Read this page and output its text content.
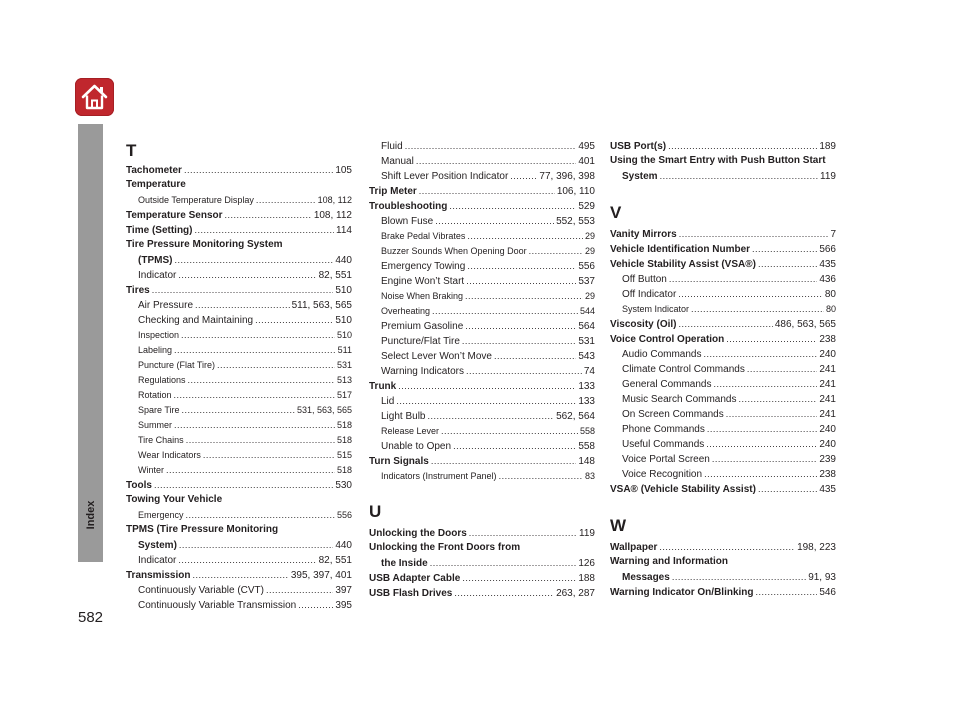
Index
582
T
Tachometer .....	105
Temperature
Outside Temperature Display .....	108, 112
Temperature Sensor .....	108, 112
Time (Setting) .....	114
Tire Pressure Monitoring System
(TPMS) .....	440
Indicator .....	82, 551
Tires .....	510
Air Pressure .....	511, 563, 565
Checking and Maintaining .....	510
Inspection .....	510
Labeling .....	511
Puncture (Flat Tire) .....	531
Regulations .....	513
Rotation .....	517
Spare Tire .....	531, 563, 565
Summer .....	518
Tire Chains .....	518
Wear Indicators .....	515
Winter .....	518
Tools .....	530
Towing Your Vehicle
Emergency .....	556
TPMS (Tire Pressure Monitoring
System) .....	440
Indicator .....	82, 551
Transmission .....	395, 397, 401
Continuously Variable (CVT) .....	397
Continuously Variable Transmission .....	395
Fluid .....	495
Manual .....	401
Shift Lever Position Indicator .....	77, 396, 398
Trip Meter .....	106, 110
Troubleshooting .....	529
Blown Fuse .....	552, 553
Brake Pedal Vibrates .....	29
Buzzer Sounds When Opening Door .....	29
Emergency Towing .....	556
Engine Won’t Start .....	537
Noise When Braking .....	29
Overheating .....	544
Premium Gasoline .....	564
Puncture/Flat Tire .....	531
Select Lever Won’t Move .....	543
Warning Indicators .....	74
Trunk .....	133
Lid .....	133
Light Bulb .....	562, 564
Release Lever .....	558
Unable to Open .....	558
Turn Signals .....	148
Indicators (Instrument Panel) .....	83
U
Unlocking the Doors .....	119
Unlocking the Front Doors from
the Inside .....	126
USB Adapter Cable .....	188
USB Flash Drives .....	263, 287
USB Port(s) .....	189
Using the Smart Entry with Push Button Start
System .....	119
V
Vanity Mirrors .....	7
Vehicle Identification Number .....	566
Vehicle Stability Assist (VSA®) .....	435
Off Button .....	436
Off Indicator .....	80
System Indicator .....	80
Viscosity (Oil) .....	486, 563, 565
Voice Control Operation .....	238
Audio Commands .....	240
Climate Control Commands .....	241
General Commands .....	241
Music Search Commands .....	241
On Screen Commands .....	241
Phone Commands .....	240
Useful Commands .....	240
Voice Portal Screen .....	239
Voice Recognition .....	238
VSA® (Vehicle Stability Assist) .....	435
W
Wallpaper .....	198, 223
Warning and Information
Messages .....	91, 93
Warning Indicator On/Blinking .....	546
